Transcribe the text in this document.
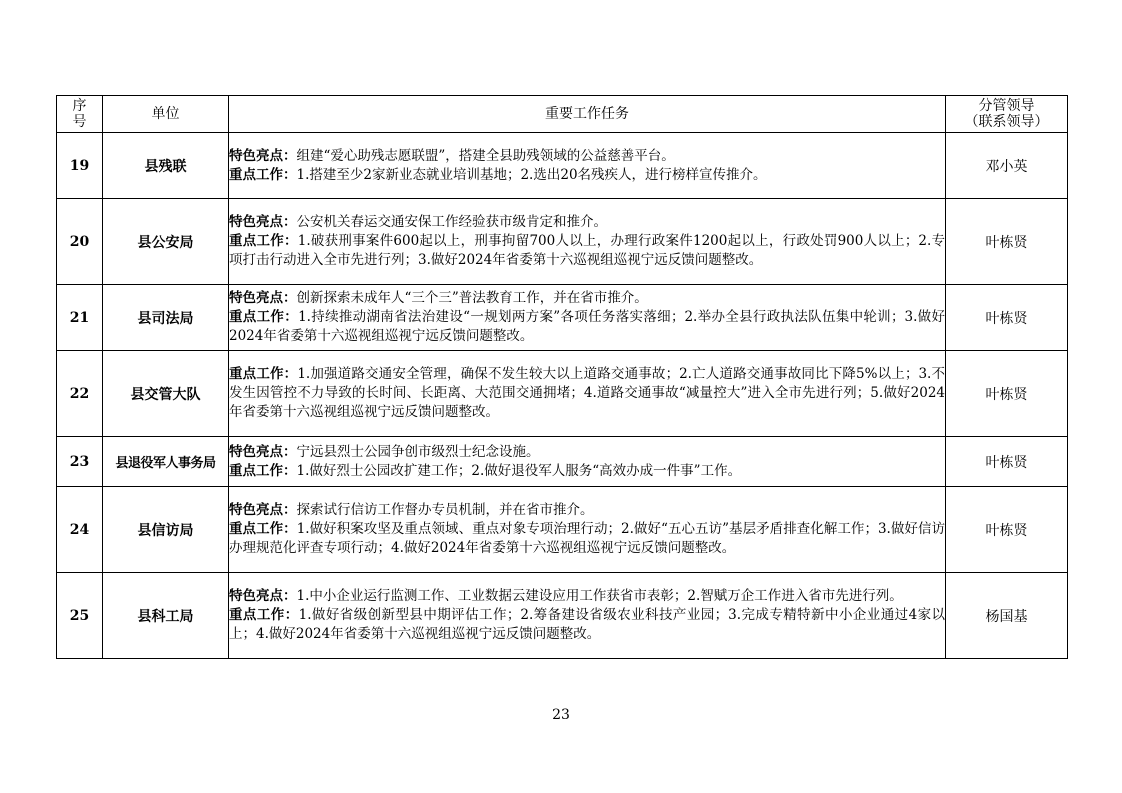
序
号	单位	重要工作任务	分管领导
（联系领导）
19	县残联	特色亮点：组建“爱心助残志愿联盟”，搭建全县助残领域的公益慈善平台。
重点工作：1.搭建至少2家新业态就业培训基地；2.选出20名残疾人，进行榜样宣传推介。	邓小英
20	县公安局	特色亮点：公安机关春运交通安保工作经验获市级肯定和推介。
重点工作：1.破获刑事案件600起以上，刑事拘留700人以上，办理行政案件1200起以上，行政处罚900人以上；2.专项打击行动进入全市先进行列；3.做好2024年省委第十六巡视组巡视宁远反馈问题整改。	叶栋贤
21	县司法局	特色亮点：创新探索未成年人“三个三”普法教育工作，并在省市推介。
重点工作：1.持续推动湖南省法治建设“一规划两方案”各项任务落实落细；2.举办全县行政执法队伍集中轮训；3.做好2024年省委第十六巡视组巡视宁远反馈问题整改。	叶栋贤
22	县交管大队	重点工作：1.加强道路交通安全管理，确保不发生较大以上道路交通事故；2.亡人道路交通事故同比下降5%以上；3.不发生因管控不力导致的长时间、长距离、大范围交通拥堵；4.道路交通事故“减量控大”进入全市先进行列；5.做好2024年省委第十六巡视组巡视宁远反馈问题整改。	叶栋贤
23	县退役军人事务局	特色亮点：宁远县烈士公园争创市级烈士纪念设施。
重点工作：1.做好烈士公园改扩建工作；2.做好退役军人服务“高效办成一件事”工作。	叶栋贤
24	县信访局	特色亮点：探索试行信访工作督办专员机制，并在省市推介。
重点工作：1.做好积案攻坚及重点领域、重点对象专项治理行动；2.做好“五心五访”基层矛盾排查化解工作；3.做好信访办理规范化评查专项行动；4.做好2024年省委第十六巡视组巡视宁远反馈问题整改。	叶栋贤
25	县科工局	特色亮点：1.中小企业运行监测工作、工业数据云建设应用工作获省市表彰；2.智赋万企工作进入省市先进行列。
重点工作：1.做好省级创新型县中期评估工作；2.筹备建设省级农业科技产业园；3.完成专精特新中小企业通过4家以上；4.做好2024年省委第十六巡视组巡视宁远反馈问题整改。	杨国基
23
